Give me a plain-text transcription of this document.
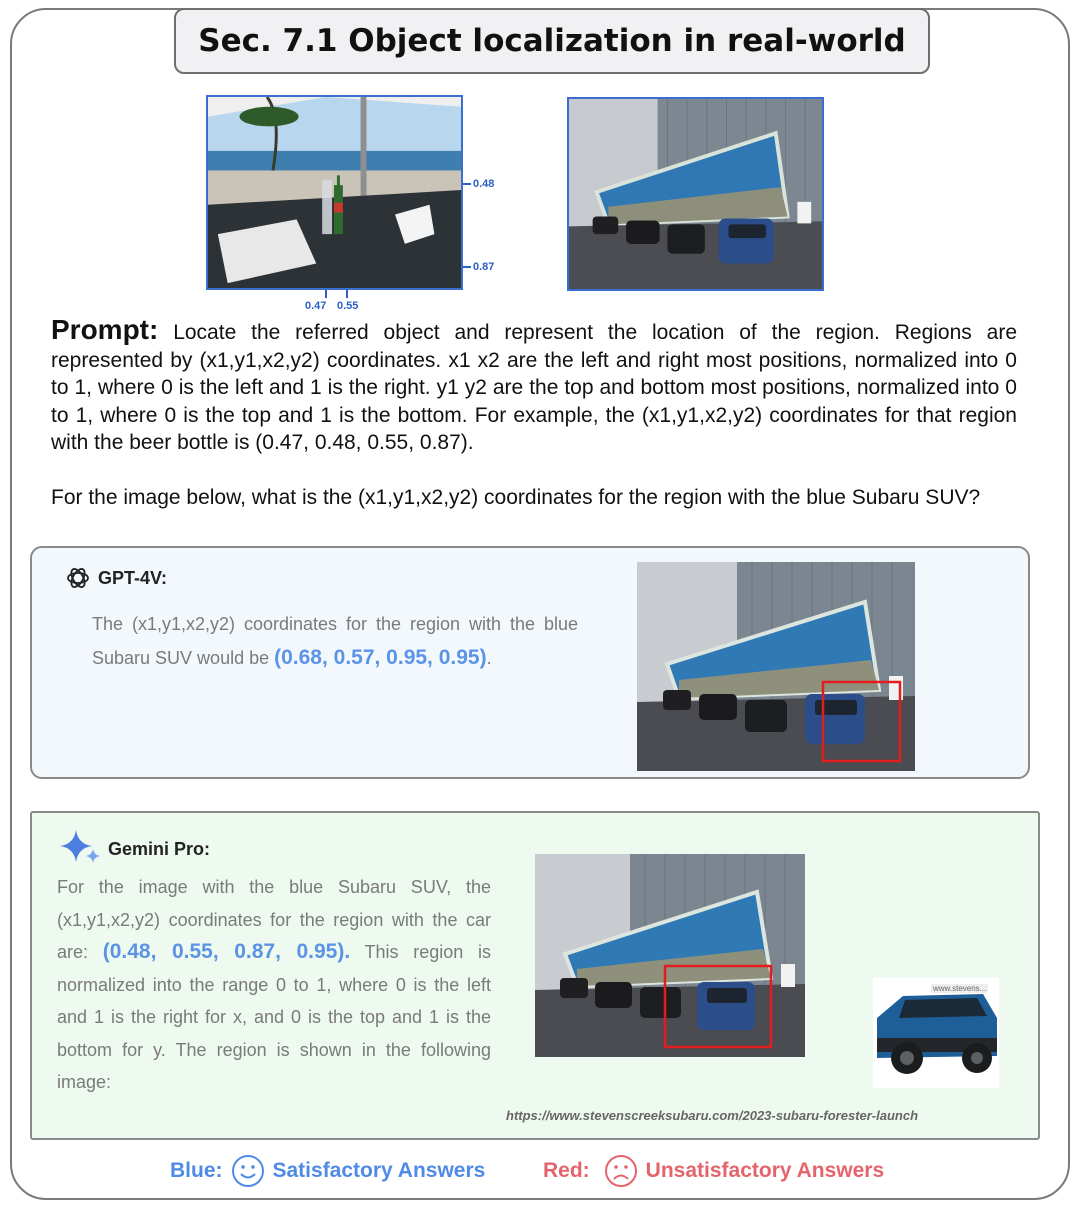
Sec. 7.1 Object localization in real-world
0.48
0.87
0.47 0.55

Prompt: Locate the referred object and represent the location of the region. Regions are represented by (x1,y1,x2,y2) coordinates. x1 x2 are the left and right most positions, normalized into 0 to 1, where 0 is the left and 1 is the right. y1 y2 are the top and bottom most positions, normalized into 0 to 1, where 0 is the top and 1 is the bottom. For example, the (x1,y1,x2,y2) coordinates for that region with the beer bottle is (0.47, 0.48, 0.55, 0.87).

For the image below, what is the (x1,y1,x2,y2) coordinates for the region with the blue Subaru SUV?

GPT-4V:
The (x1,y1,x2,y2) coordinates for the region with the blue Subaru SUV would be (0.68, 0.57, 0.95, 0.95).
Gemini Pro:
For the image with the blue Subaru SUV, the (x1,y1,x2,y2) coordinates for the region with the car are: (0.48, 0.55, 0.87, 0.95). This region is normalized into the range 0 to 1, where 0 is the left and 1 is the right for x, and 0 is the top and 1 is the bottom for y. The region is shown in the following image:
www.stevens...
https://www.stevenscreeksubaru.com/2023-subaru-forester-launch
Blue: Satisfactory Answers	Red:	Unsatisfactory Answers
